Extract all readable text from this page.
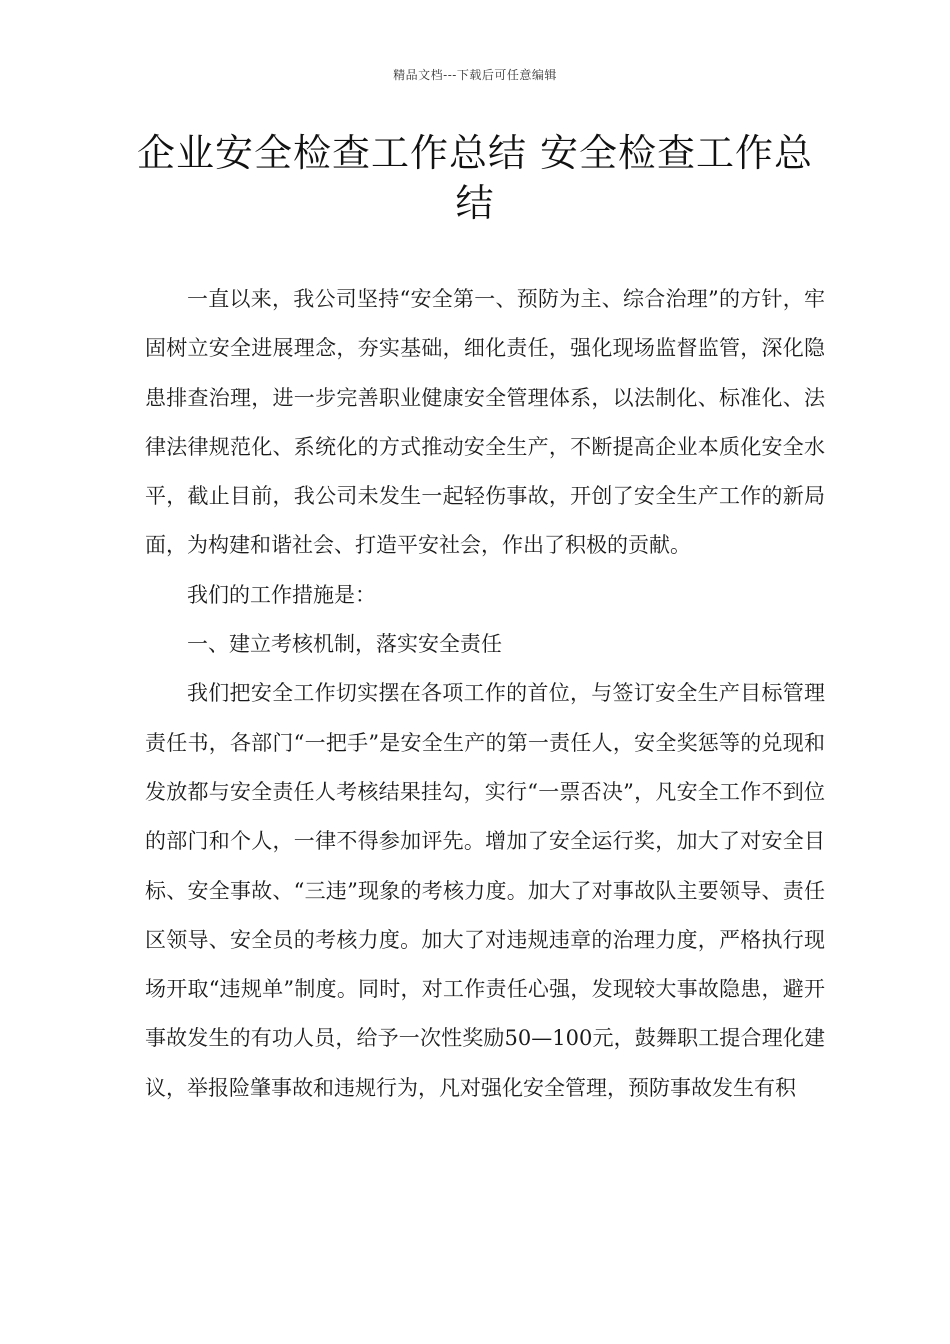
精品文档---下载后可任意编辑
企业安全检查工作总结 安全检查工作总结

一直以来，我公司坚持“安全第一、预防为主、综合治理”的方针，牢固树立安全进展理念，夯实基础，细化责任，强化现场监督监管，深化隐患排查治理，进一步完善职业健康安全管理体系，以法制化、标准化、法律法律规范化、系统化的方式推动安全生产，不断提高企业本质化安全水平，截止目前，我公司未发生一起轻伤事故，开创了安全生产工作的新局面，为构建和谐社会、打造平安社会，作出了积极的贡献。

我们的工作措施是：

一、建立考核机制，落实安全责任

我们把安全工作切实摆在各项工作的首位，与签订安全生产目标管理责任书，各部门“一把手”是安全生产的第一责任人，安全奖惩等的兑现和发放都与安全责任人考核结果挂勾，实行“一票否决”，凡安全工作不到位的部门和个人，一律不得参加评先。增加了安全运行奖，加大了对安全目标、安全事故、“三违”现象的考核力度。加大了对事故队主要领导、责任区领导、安全员的考核力度。加大了对违规违章的治理力度，严格执行现场开取“违规单”制度。同时，对工作责任心强，发现较大事故隐患，避开事故发生的有功人员，给予一次性奖励50—100元，鼓舞职工提合理化建议，举报险肇事故和违规行为，凡对强化安全管理，预防事故发生有积
